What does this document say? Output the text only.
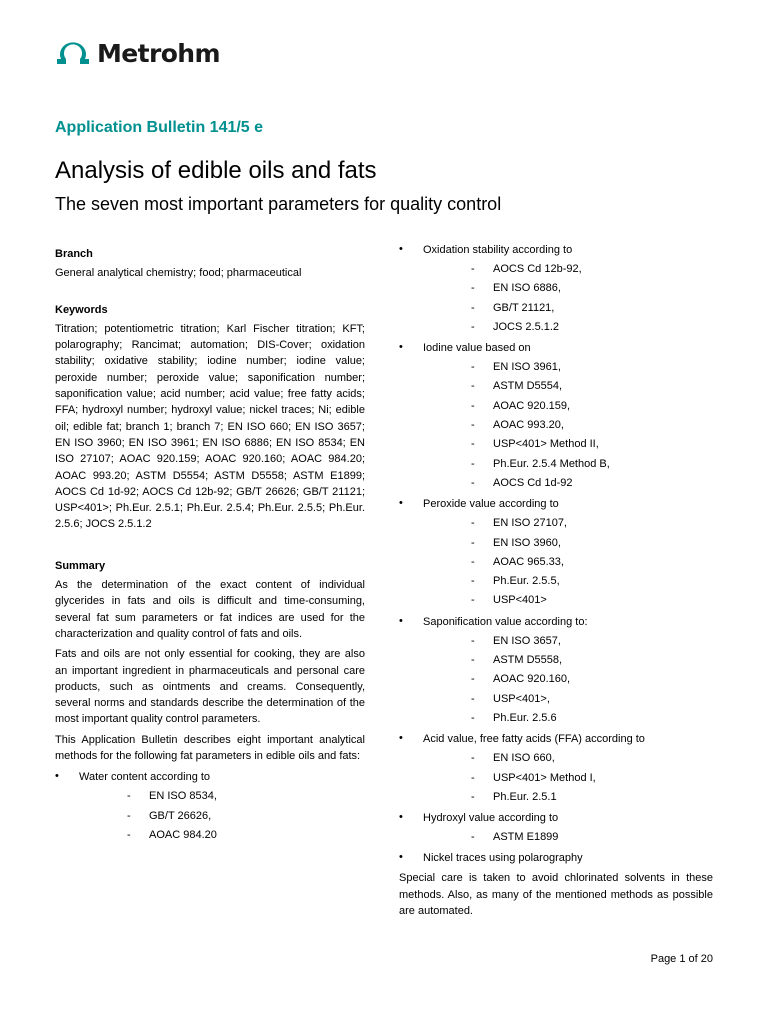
Metrohm
Application Bulletin 141/5 e
Analysis of edible oils and fats
The seven most important parameters for quality control
Branch

General analytical chemistry; food; pharmaceutical

Keywords

Titration; potentiometric titration; Karl Fischer titration; KFT; polarography; Rancimat; automation; DIS-Cover; oxidation stability; oxidative stability; iodine number; iodine value; peroxide number; peroxide value; saponification number; saponification value; acid number; acid value; free fatty acids; FFA; hydroxyl number; hydroxyl value; nickel traces; Ni; edible oil; edible fat; branch 1; branch 7; EN ISO 660; EN ISO 3657; EN ISO 3960; EN ISO 3961; EN ISO 6886; EN ISO 8534; EN ISO 27107; AOAC 920.159; AOAC 920.160; AOAC 984.20; AOAC 993.20; ASTM D5554; ASTM D5558; ASTM E1899; AOCS Cd 1d-92; AOCS Cd 12b-92; GB/T 26626; GB/T 21121; USP<401>; Ph.Eur. 2.5.1; Ph.Eur. 2.5.4; Ph.Eur. 2.5.5; Ph.Eur. 2.5.6; JOCS 2.5.1.2

Summary

As the determination of the exact content of individual glycerides in fats and oils is difficult and time-consuming, several fat sum parameters or fat indices are used for the characterization and quality control of fats and oils.

Fats and oils are not only essential for cooking, they are also an important ingredient in pharmaceuticals and personal care products, such as ointments and creams. Consequently, several norms and standards describe the determination of the most important quality control parameters.

This Application Bulletin describes eight important analytical methods for the following fat parameters in edible oils and fats:

• Water content according to
- EN ISO 8534,
- GB/T 26626,
- AOAC 984.20
• Oxidation stability according to
- AOCS Cd 12b-92,
- EN ISO 6886,
- GB/T 21121,
- JOCS 2.5.1.2
• Iodine value based on
- EN ISO 3961,
- ASTM D5554,
- AOAC 920.159,
- AOAC 993.20,
- USP<401> Method II,
- Ph.Eur. 2.5.4 Method B,
- AOCS Cd 1d-92
• Peroxide value according to
- EN ISO 27107,
- EN ISO 3960,
- AOAC 965.33,
- Ph.Eur. 2.5.5,
- USP<401>
• Saponification value according to:
- EN ISO 3657,
- ASTM D5558,
- AOAC 920.160,
- USP<401>,
- Ph.Eur. 2.5.6
• Acid value, free fatty acids (FFA) according to
- EN ISO 660,
- USP<401> Method I,
- Ph.Eur. 2.5.1
• Hydroxyl value according to
- ASTM E1899
• Nickel traces using polarography

Special care is taken to avoid chlorinated solvents in these methods. Also, as many of the mentioned methods as possible are automated.

Page 1 of 20
